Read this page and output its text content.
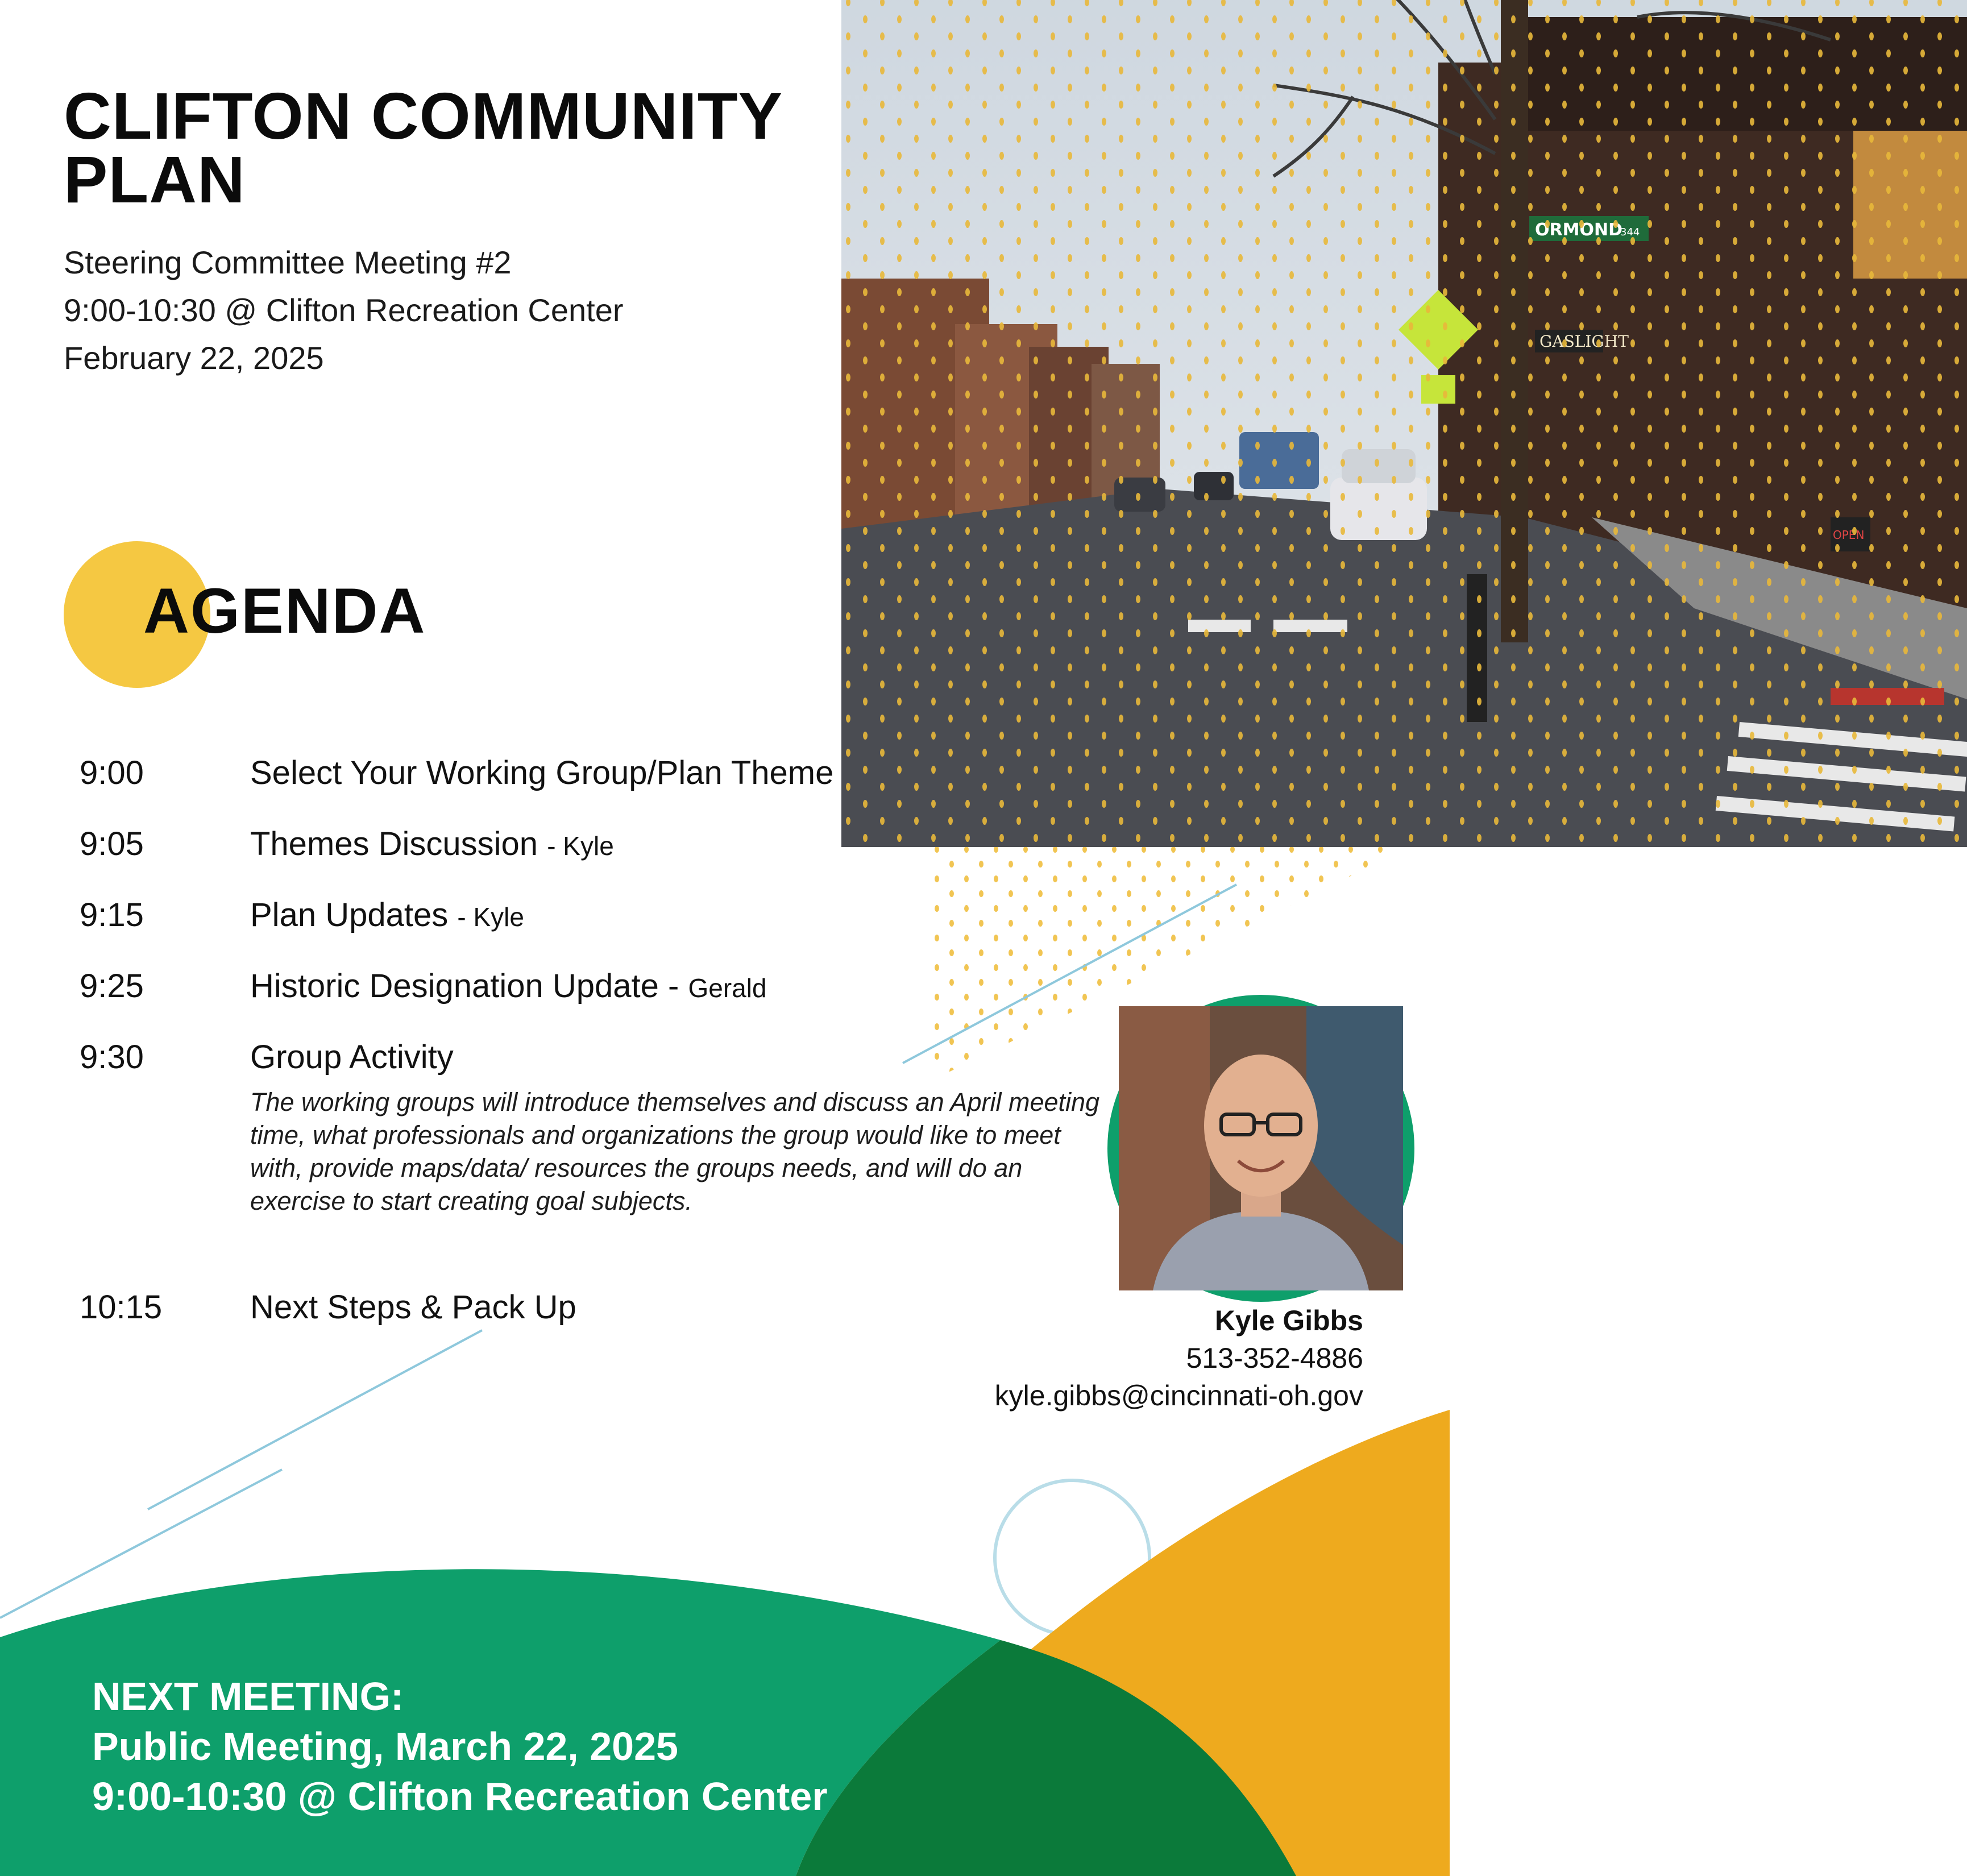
CLIFTON COMMUNITY
PLAN
Steering Committee Meeting #2
9:00-10:30 @ Clifton Recreation Center
February 22, 2025
AGENDA
9:00	Select Your Working Group/Plan Theme
9:05	Themes Discussion - Kyle
9:15	Plan Updates - Kyle
9:25	Historic Designation Update - Gerald
9:30	Group Activity
The working groups will introduce themselves and discuss an April meeting time, what professionals and organizations the group would like to meet with, provide maps/data/ resources the groups needs, and will do an exercise to start creating goal subjects.
10:15	Next Steps & Pack Up	Kyle Gibbs
513-352-4886
kyle.gibbs@cincinnati-oh.gov
NEXT MEETING:
Public Meeting, March 22, 2025
9:00-10:30 @ Clifton Recreation Center
